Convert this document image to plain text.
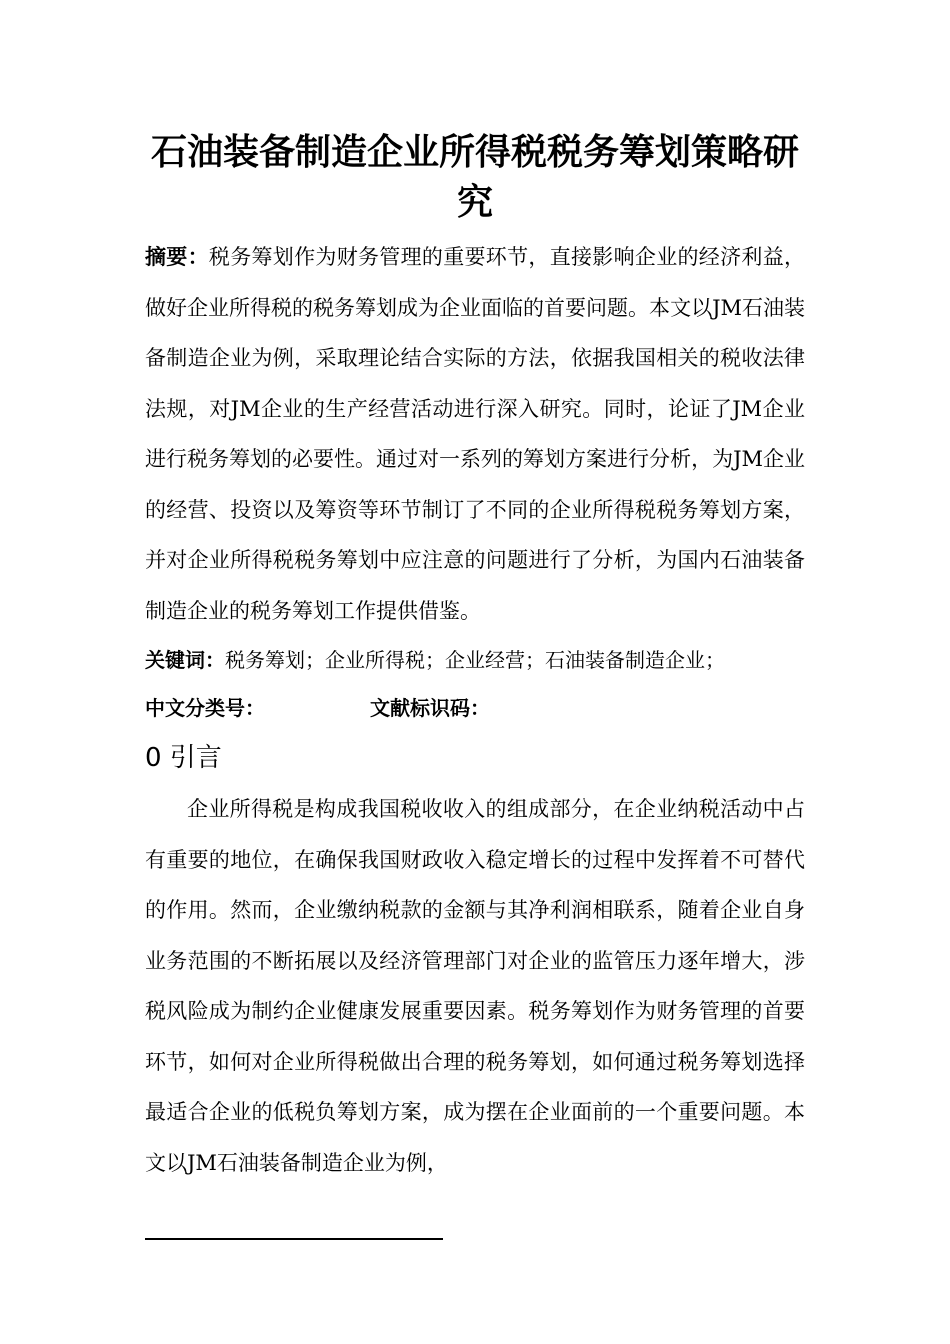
石油装备制造企业所得税税务筹划策略研究

摘要：税务筹划作为财务管理的重要环节，直接影响企业的经济利益，做好企业所得税的税务筹划成为企业面临的首要问题。本文以JM石油装备制造企业为例，采取理论结合实际的方法，依据我国相关的税收法律法规，对JM企业的生产经营活动进行深入研究。同时，论证了JM企业进行税务筹划的必要性。通过对一系列的筹划方案进行分析，为JM企业的经营、投资以及筹资等环节制订了不同的企业所得税税务筹划方案，并对企业所得税税务筹划中应注意的问题进行了分析，为国内石油装备制造企业的税务筹划工作提供借鉴。

关键词：税务筹划；企业所得税；企业经营；石油装备制造企业；

中文分类号：	文献标识码：

0 引言

企业所得税是构成我国税收收入的组成部分，在企业纳税活动中占有重要的地位，在确保我国财政收入稳定增长的过程中发挥着不可替代的作用。然而，企业缴纳税款的金额与其净利润相联系，随着企业自身业务范围的不断拓展以及经济管理部门对企业的监管压力逐年增大，涉税风险成为制约企业健康发展重要因素。税务筹划作为财务管理的首要环节，如何对企业所得税做出合理的税务筹划，如何通过税务筹划选择最适合企业的低税负筹划方案，成为摆在企业面前的一个重要问题。本文以JM石油装备制造企业为例，
